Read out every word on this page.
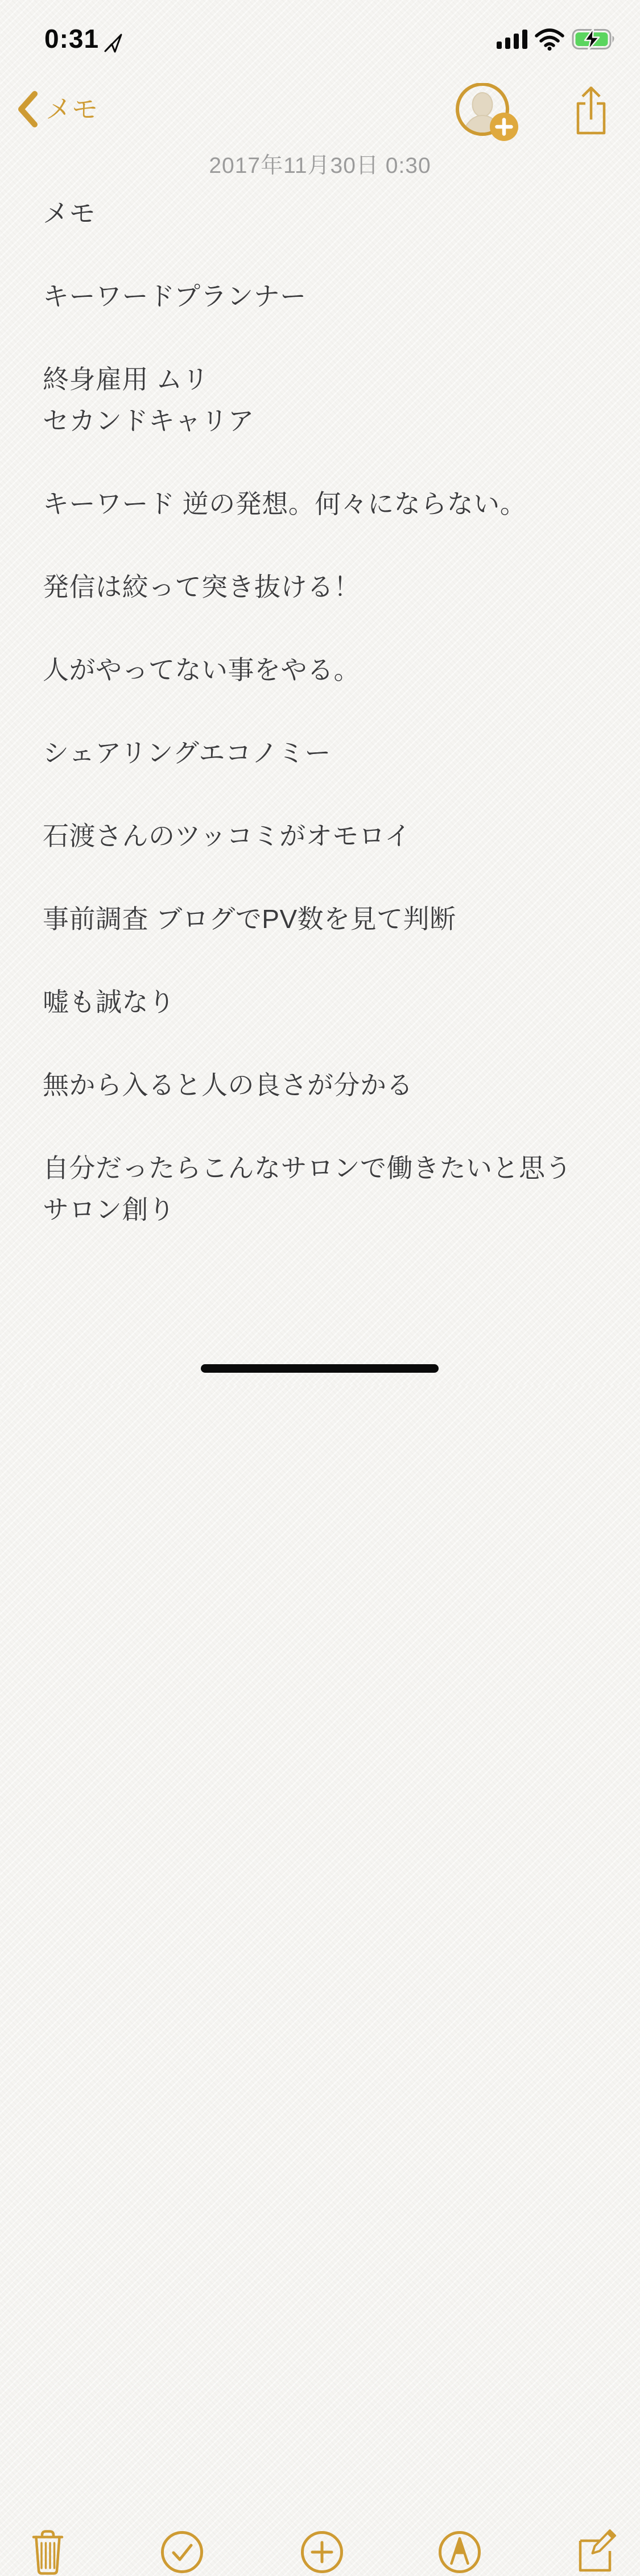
0:31
メモ
2017年11月30日 0:30
メモ

キーワードプランナー

終身雇用 ムリ
セカンドキャリア

キーワード 逆の発想。何々にならない。

発信は絞って突き抜ける！

人がやってない事をやる。

シェアリングエコノミー

石渡さんのツッコミがオモロイ

事前調査 ブログでPV数を見て判断

嘘も誠なり

無から入ると人の良さが分かる

自分だったらこんなサロンで働きたいと思う
サロン創り
